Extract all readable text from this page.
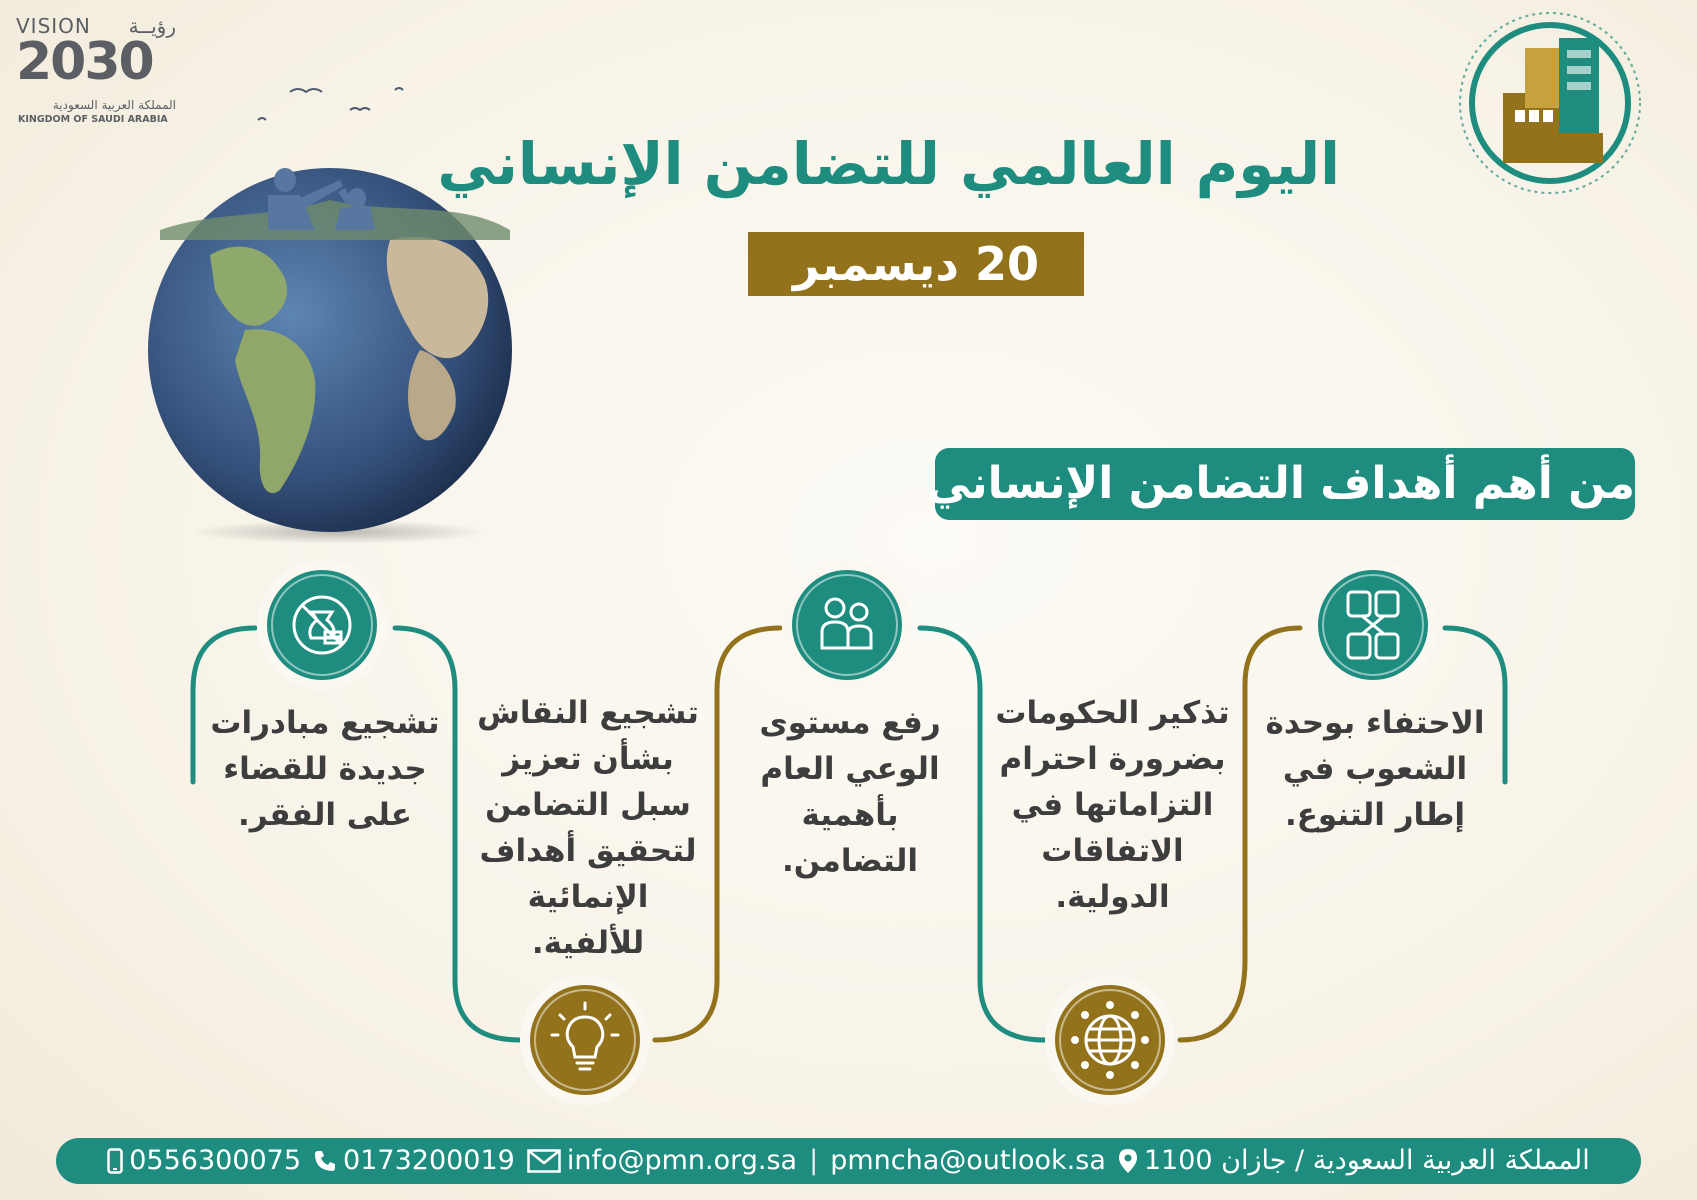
VISION رؤيــة
2030
المملكة العربية السعودية
KINGDOM OF SAUDI ARABIA
اليوم العالمي للتضامن الإنساني
20 ديسمبر
من أهم أهداف التضامن الإنساني
الاحتفاء بوحدة الشعوب في إطار التنوع.
تذكير الحكومات بضرورة احترام التزاماتها في الاتفاقات الدولية.
رفع مستوى الوعي العام بأهمية التضامن.
تشجيع النقاش بشأن تعزيز سبل التضامن لتحقيق أهداف الإنمائية للألفية.
تشجيع مبادرات جديدة للقضاء على الفقر.
0556300075 0173200019 info@pmn.org.sa | pmncha@outlook.sa المملكة العربية السعودية / جازان 1100
